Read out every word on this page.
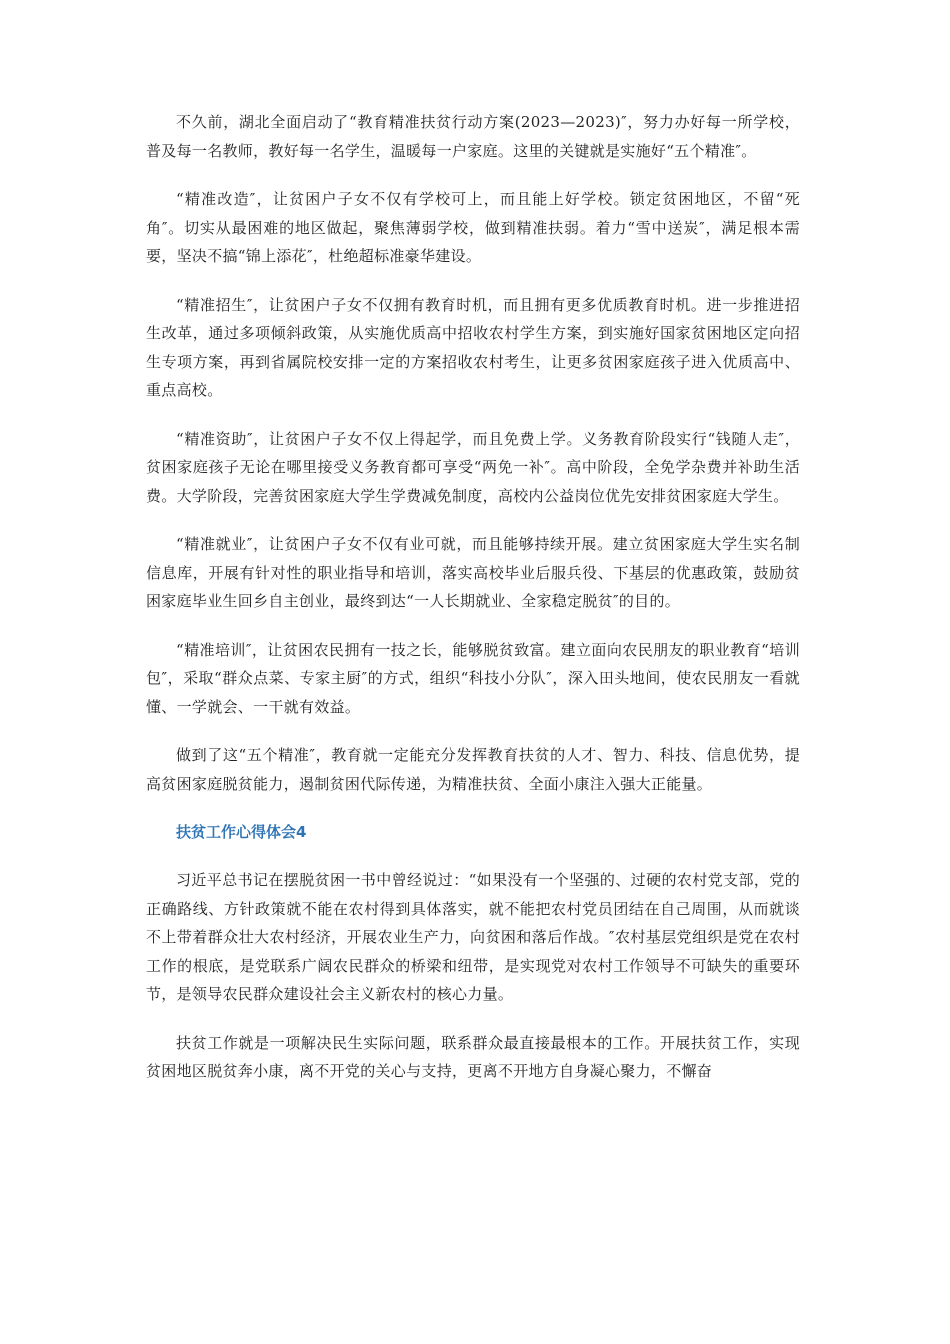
不久前，湖北全面启动了“教育精准扶贫行动方案(2023—2023)″，努力办好每一所学校，普及每一名教师，教好每一名学生，温暖每一户家庭。这里的关键就是实施好“五个精准″。

“精准改造″，让贫困户子女不仅有学校可上，而且能上好学校。锁定贫困地区，不留“死角″。切实从最困难的地区做起，聚焦薄弱学校，做到精准扶弱。着力“雪中送炭″，满足根本需要，坚决不搞“锦上添花″，杜绝超标准豪华建设。

“精准招生″，让贫困户子女不仅拥有教育时机，而且拥有更多优质教育时机。进一步推进招生改革，通过多项倾斜政策，从实施优质高中招收农村学生方案，到实施好国家贫困地区定向招生专项方案，再到省属院校安排一定的方案招收农村考生，让更多贫困家庭孩子进入优质高中、重点高校。

“精准资助″，让贫困户子女不仅上得起学，而且免费上学。义务教育阶段实行“钱随人走″，贫困家庭孩子无论在哪里接受义务教育都可享受“两免一补″。高中阶段，全免学杂费并补助生活费。大学阶段，完善贫困家庭大学生学费减免制度，高校内公益岗位优先安排贫困家庭大学生。

“精准就业″，让贫困户子女不仅有业可就，而且能够持续开展。建立贫困家庭大学生实名制信息库，开展有针对性的职业指导和培训，落实高校毕业后服兵役、下基层的优惠政策，鼓励贫困家庭毕业生回乡自主创业，最终到达“一人长期就业、全家稳定脱贫″的目的。

“精准培训″，让贫困农民拥有一技之长，能够脱贫致富。建立面向农民朋友的职业教育“培训包″，采取“群众点菜、专家主厨″的方式，组织“科技小分队″，深入田头地间，使农民朋友一看就懂、一学就会、一干就有效益。

做到了这“五个精准″，教育就一定能充分发挥教育扶贫的人才、智力、科技、信息优势，提高贫困家庭脱贫能力，遏制贫困代际传递，为精准扶贫、全面小康注入强大正能量。

扶贫工作心得体会4

习近平总书记在摆脱贫困一书中曾经说过：“如果没有一个坚强的、过硬的农村党支部，党的正确路线、方针政策就不能在农村得到具体落实，就不能把农村党员团结在自己周围，从而就谈不上带着群众壮大农村经济，开展农业生产力，向贫困和落后作战。″农村基层党组织是党在农村工作的根底，是党联系广阔农民群众的桥梁和纽带，是实现党对农村工作领导不可缺失的重要环节，是领导农民群众建设社会主义新农村的核心力量。

扶贫工作就是一项解决民生实际问题，联系群众最直接最根本的工作。开展扶贫工作，实现贫困地区脱贫奔小康，离不开党的关心与支持，更离不开地方自身凝心聚力，不懈奋
